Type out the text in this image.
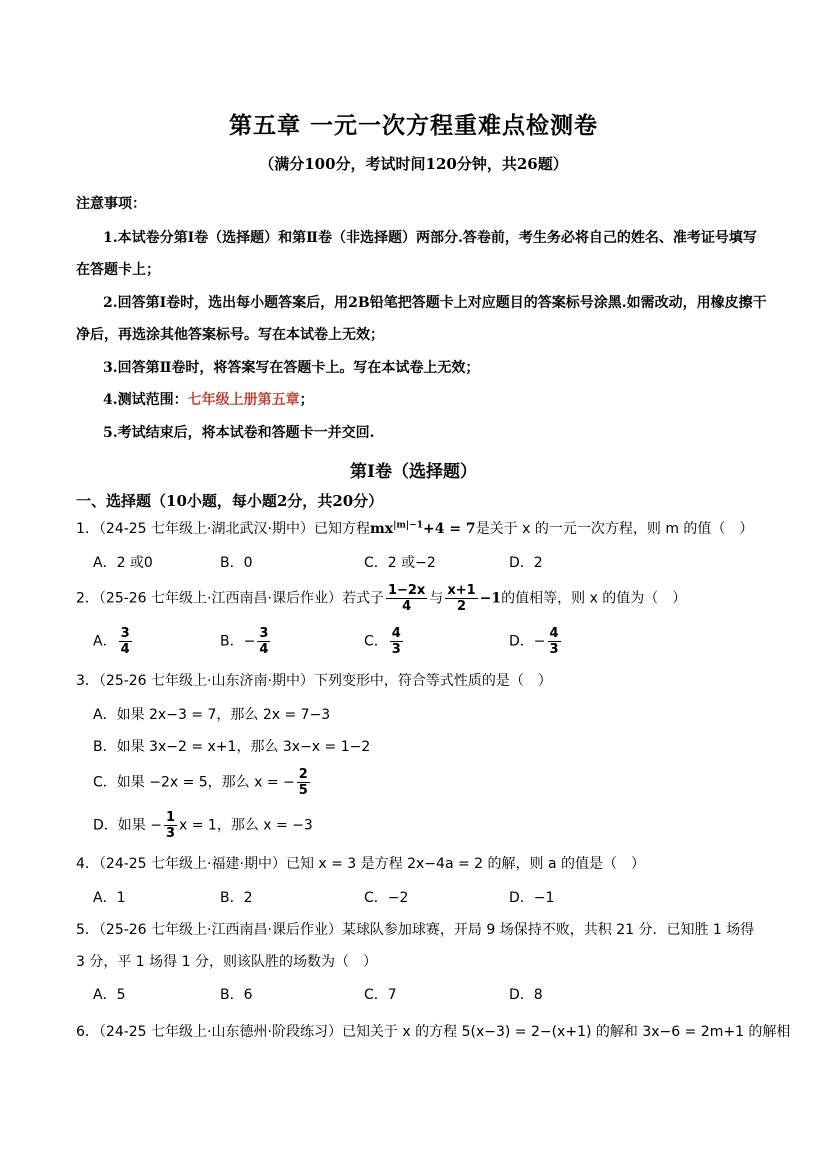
第五章 一元一次方程重难点检测卷
（满分100分，考试时间120分钟，共26题）
注意事项：
1.本试卷分第Ⅰ卷（选择题）和第Ⅱ卷（非选择题）两部分.答卷前，考生务必将自己的姓名、准考证号填写
在答题卡上；
2.回答第Ⅰ卷时，选出每小题答案后，用2B铅笔把答题卡上对应题目的答案标号涂黑.如需改动，用橡皮擦干
净后，再选涂其他答案标号。写在本试卷上无效；
3.回答第Ⅱ卷时，将答案写在答题卡上。写在本试卷上无效；
4.测试范围：七年级上册第五章；
5.考试结束后，将本试卷和答题卡一并交回.
第Ⅰ卷（选择题）
一、选择题（10小题，每小题2分，共20分）
1．（24-25 七年级上·湖北武汉·期中）已知方程$mx^{|m|-1}+4 = 7$是关于 x 的一元一次方程，则 m 的值（　）
A．2 或0	B．0	C．2 或−2	D．2
2．（25-26 七年级上·江西南昌·课后作业）若式子 $\frac{1-2x}{4}$ 与 $\frac{x+1}{2} -1$的值相等，则 x 的值为（　）
A． $\frac{3}{4}$	B．− $\frac{3}{4}$	C． $\frac{4}{3}$	D．− $\frac{4}{3}$
3．（25-26 七年级上·山东济南·期中）下列变形中，符合等式性质的是（　）
A．如果 2x−3 = 7，那么 2x = 7−3
B．如果 3x−2 = x+1，那么 3x−x = 1−2
C．如果 −2x = 5，那么 x = − $\frac{2}{5}$
D．如果 − $\frac{1}{3}$ x = 1，那么 x = −3
4．（24-25 七年级上·福建·期中）已知 x = 3 是方程 2x−4a = 2 的解，则 a 的值是（　）
A．1	B．2	C．−2	D．−1
5．（25-26 七年级上·江西南昌·课后作业）某球队参加球赛，开局 9 场保持不败，共积 21 分．已知胜 1 场得
3 分，平 1 场得 1 分，则该队胜的场数为（　）
A．5	B．6	C．7	D．8
6．（24-25 七年级上·山东德州·阶段练习）已知关于 x 的方程 5(x−3) = 2−(x+1) 的解和 3x−6 = 2m+1 的解相
